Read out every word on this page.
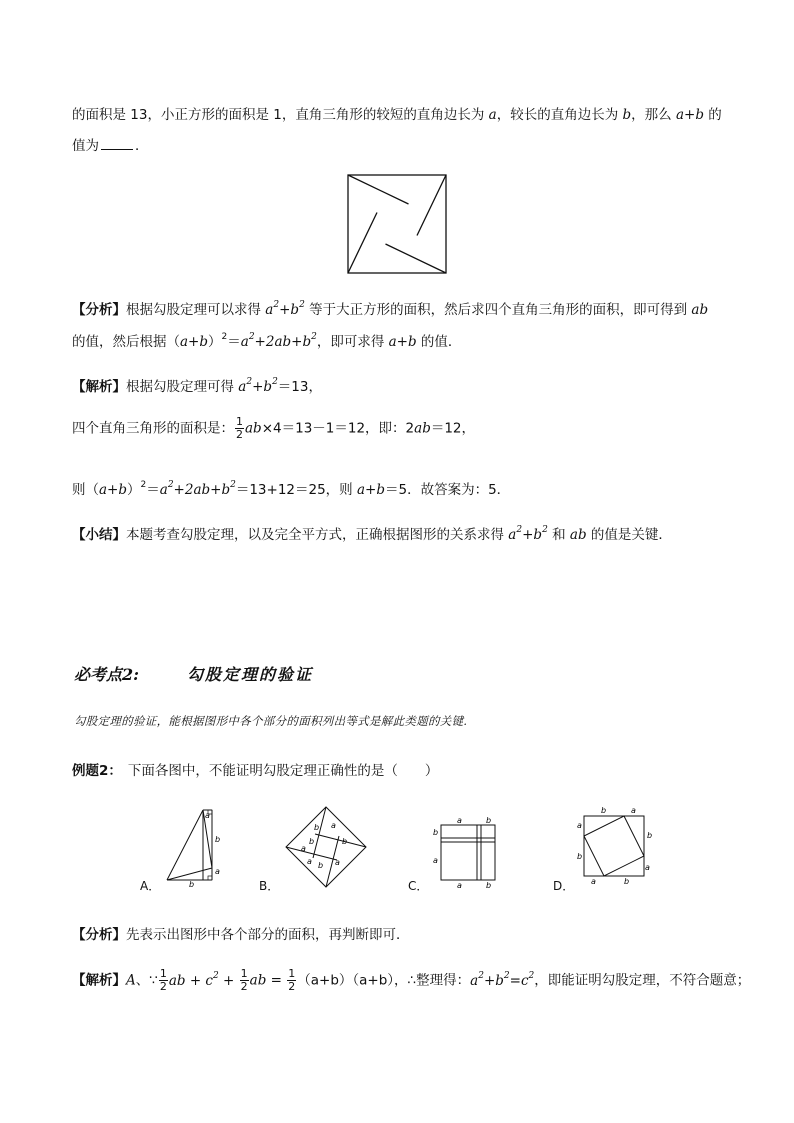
的面积是 13，小正方形的面积是 1，直角三角形的较短的直角边长为 a，较长的直角边长为 b，那么 a+b 的
值为	．
【分析】根据勾股定理可以求得 $a^2+b^2$ 等于大正方形的面积，然后求四个直角三角形的面积，即可得到 ab
的值，然后根据$(a+b)^2=a^2+2ab+b^2$，即可求得 a+b 的值．
【解析】根据勾股定理可得 $a^2+b^2=13$，
四个直角三角形的面积是： $\frac{1}{2} ab\times 4=13-1=12$，即：2ab＝12，
则$(a+b)^2=a^2+2ab+b^2=13+12=25$，则 a+b＝5．故答案为：5．
【小结】本题考查勾股定理，以及完全平方式，正确根据图形的关系求得 $a^2+b^2$ 和 ab 的值是关键．
必考点2:	勾股定理的验证
勾股定理的验证，能根据图形中各个部分的面积列出等式是解此类题的关键.
例题2： 下面各图中，不能证明勾股定理正确性的是（　　）
a
b
a
b
A．
b a
b	b
a
b a
a
B．
a	b
b
a
a	b
C．
b	a
a
b
b
a
a	b
D．
【分析】先表示出图形中各个部分的面积，再判断即可．
【解析】A、∵ $\frac{1}{2}$ ab + $c^2 + \frac{1}{2}$ ab = $\frac{1}{2} (a+b)(a+b)$，∴整理得：$a^2+b^2=c^2$，即能证明勾股定理，不符合题意；
